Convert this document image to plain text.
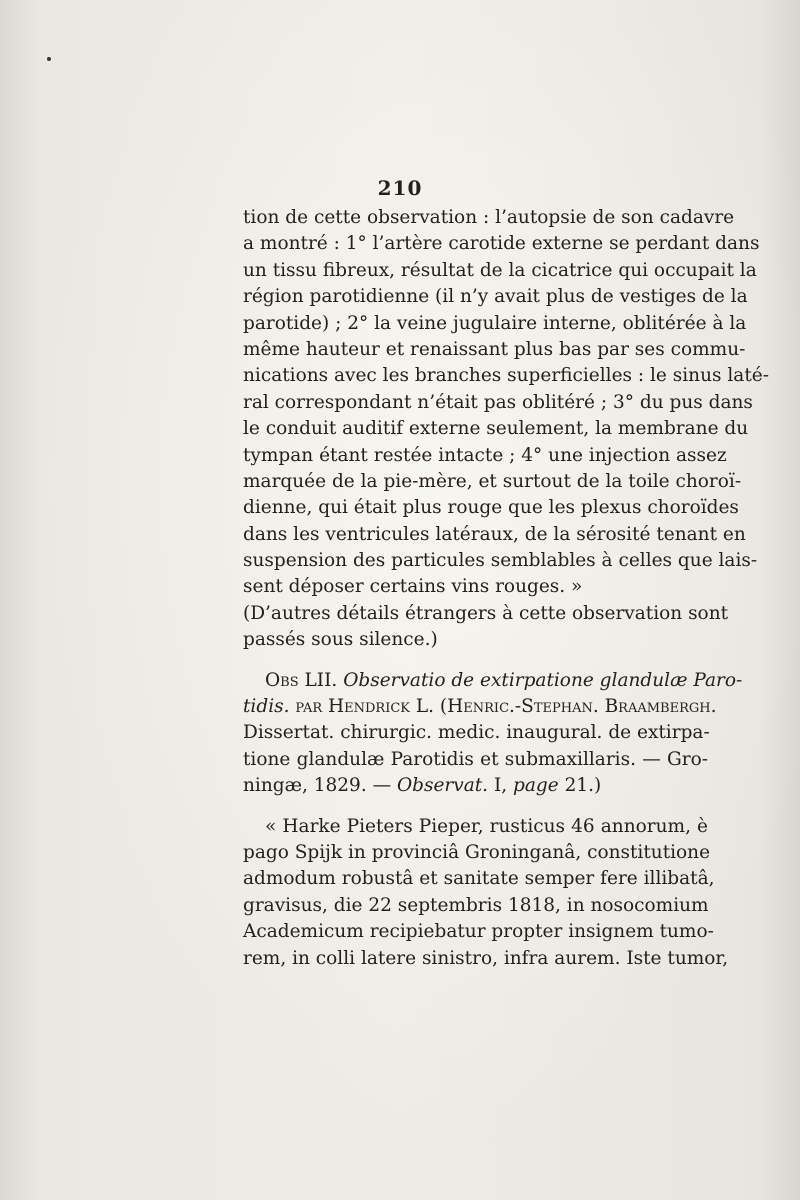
210
tion de cette observation : l’autopsie de son cadavre
a montré : 1° l’artère carotide externe se perdant dans
un tissu fibreux, résultat de la cicatrice qui occupait la
région parotidienne (il n’y avait plus de vestiges de la
parotide) ; 2° la veine jugulaire interne, oblitérée à la
même hauteur et renaissant plus bas par ses commu-
nications avec les branches superficielles : le sinus laté-
ral correspondant n’était pas oblitéré ; 3° du pus dans
le conduit auditif externe seulement, la membrane du
tympan étant restée intacte ; 4° une injection assez
marquée de la pie-mère, et surtout de la toile choroï-
dienne, qui était plus rouge que les plexus choroïdes
dans les ventricules latéraux, de la sérosité tenant en
suspension des particules semblables à celles que lais-
sent déposer certains vins rouges. »
(D’autres détails étrangers à cette observation sont
passés sous silence.)
Obs LII. Observatio de extirpatione glandulæ Paro-
tidis. par Hendrick L. (Henric.-Stephan. Braambergh.
Dissertat. chirurgic. medic. inaugural. de extirpa-
tione glandulæ Parotidis et submaxillaris. — Gro-
ningæ, 1829. — Observat. I, page 21.)
« Harke Pieters Pieper, rusticus 46 annorum, è
pago Spijk in provinciâ Groninganâ, constitutione
admodum robustâ et sanitate semper fere illibatâ,
gravisus, die 22 septembris 1818, in nosocomium
Academicum recipiebatur propter insignem tumo-
rem, in colli latere sinistro, infra aurem. Iste tumor,
